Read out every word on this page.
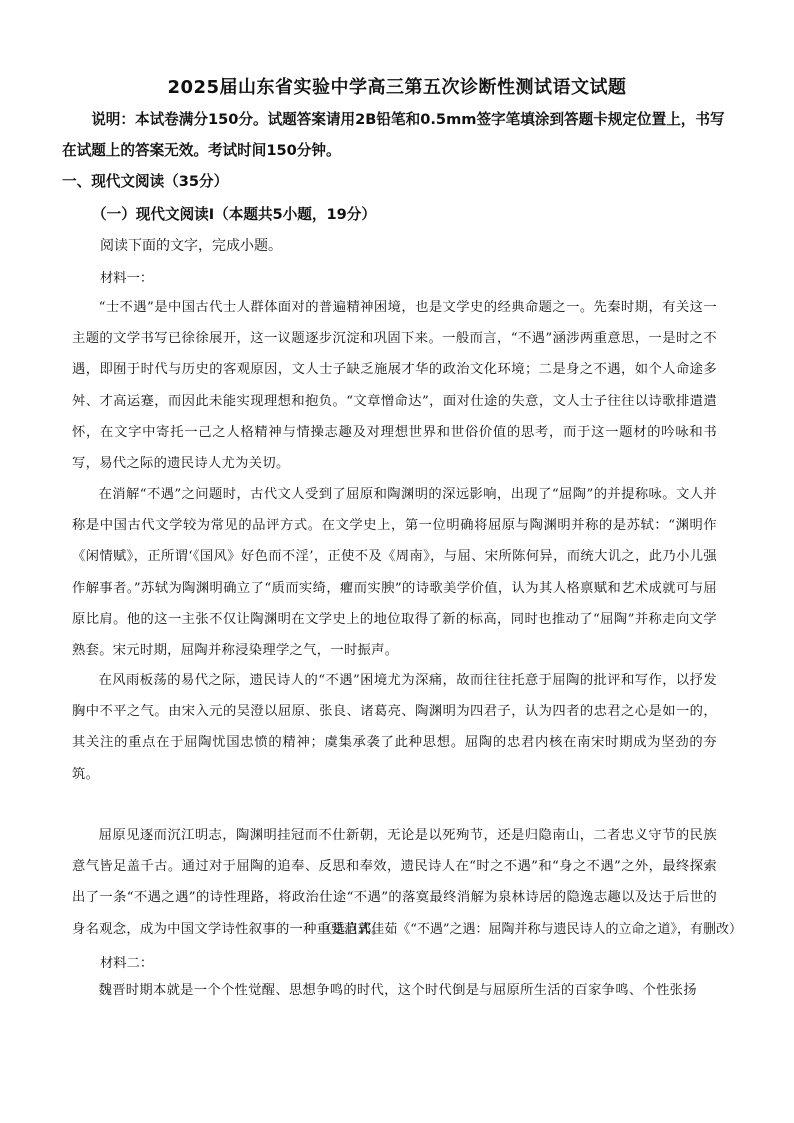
2025届山东省实验中学高三第五次诊断性测试语文试题
说明：本试卷满分150分。试题答案请用2B铅笔和0.5mm签字笔填涂到答题卡规定位置上，书写在试题上的答案无效。考试时间150分钟。
一、现代文阅读（35分）
（一）现代文阅读Ⅰ（本题共5小题，19分）
阅读下面的文字，完成小题。
材料一：

“士不遇”是中国古代士人群体面对的普遍精神困境，也是文学史的经典命题之一。先秦时期，有关这一主题的文学书写已徐徐展开，这一议题逐步沉淀和巩固下来。一般而言，“不遇”涵涉两重意思，一是时之不遇，即囿于时代与历史的客观原因，文人士子缺乏施展才华的政治文化环境；二是身之不遇，如个人命途多舛、才高运蹇，而因此未能实现理想和抱负。“文章憎命达”，面对仕途的失意，文人士子往往以诗歌排遣遣怀，在文字中寄托一己之人格精神与情操志趣及对理想世界和世俗价值的思考，而于这一题材的吟咏和书写，易代之际的遗民诗人尤为关切。

在消解“不遇”之问题时，古代文人受到了屈原和陶渊明的深远影响，出现了“屈陶”的并提称咏。文人并称是中国古代文学较为常见的品评方式。在文学史上，第一位明确将屈原与陶渊明并称的是苏轼：“渊明作《闲情赋》，正所谓‘《国风》好色而不淫’，正使不及《周南》，与屈、宋所陈何异，而统大讥之，此乃小儿强作解事者。”苏轼为陶渊明确立了“质而实绮，癯而实腴”的诗歌美学价值，认为其人格禀赋和艺术成就可与屈原比肩。他的这一主张不仅让陶渊明在文学史上的地位取得了新的标高，同时也推动了“屈陶”并称走向文学熟套。宋元时期，屈陶并称浸染理学之气，一时振声。

在风雨板荡的易代之际，遗民诗人的“不遇”困境尤为深痛，故而往往托意于屈陶的批评和写作，以抒发胸中不平之气。由宋入元的吴澄以屈原、张良、诸葛亮、陶渊明为四君子，认为四者的忠君之心是如一的，其关注的重点在于屈陶忧国忠愤的精神；虞集承袭了此种思想。屈陶的忠君内核在南宋时期成为坚劲的夯筑。

屈原见逐而沉江明志，陶渊明挂冠而不仕新朝，无论是以死殉节，还是归隐南山，二者忠义守节的民族意气皆足盖千古。通过对于屈陶的追奉、反思和奉效，遗民诗人在“时之不遇”和“身之不遇”之外，最终探索出了一条“不遇之遇”的诗性理路，将政治仕途“不遇”的落寞最终消解为泉林诗居的隐逸志趣以及达于后世的身名观念，成为中国文学诗性叙事的一种重要范式。

（选自郭佳茹《“不遇”之遇：屈陶并称与遗民诗人的立命之道》，有删改）
材料二：

魏晋时期本就是一个个性觉醒、思想争鸣的时代，这个时代倒是与屈原所生活的百家争鸣、个性张扬
